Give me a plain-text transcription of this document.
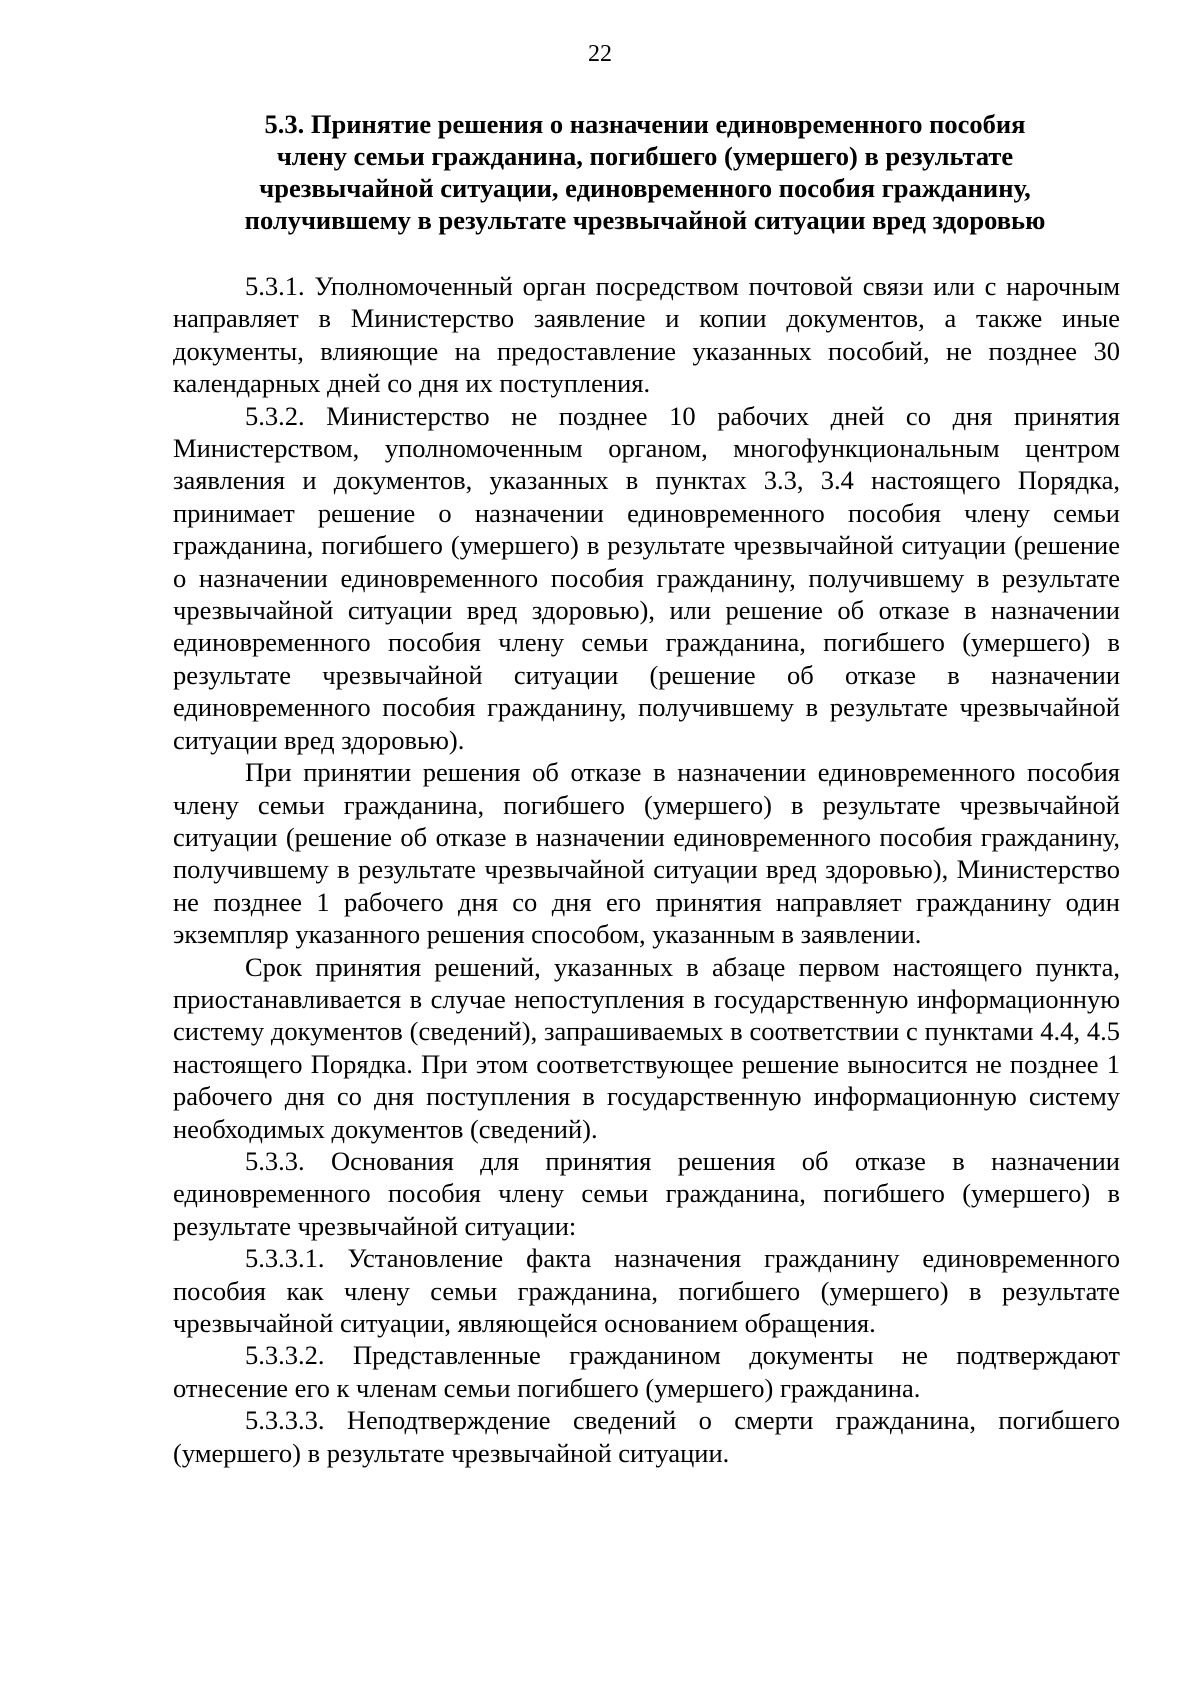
22
5.3. Принятие решения о назначении единовременного пособия
члену семьи гражданина, погибшего (умершего) в результате
чрезвычайной ситуации, единовременного пособия гражданину,
получившему в результате чрезвычайной ситуации вред здоровью

5.3.1. Уполномоченный орган посредством почтовой связи или с нарочным направляет в Министерство заявление и копии документов, а также иные документы, влияющие на предоставление указанных пособий, не позднее 30 календарных дней со дня их поступления.

5.3.2. Министерство не позднее 10 рабочих дней со дня принятия Министерством, уполномоченным органом, многофункциональным центром заявления и документов, указанных в пунктах 3.3, 3.4 настоящего Порядка, принимает решение о назначении единовременного пособия члену семьи гражданина, погибшего (умершего) в результате чрезвычайной ситуации (решение о назначении единовременного пособия гражданину, получившему в результате чрезвычайной ситуации вред здоровью), или решение об отказе в назначении единовременного пособия члену семьи гражданина, погибшего (умершего) в результате чрезвычайной ситуации (решение об отказе в назначении единовременного пособия гражданину, получившему в результате чрезвычайной ситуации вред здоровью).

При принятии решения об отказе в назначении единовременного пособия члену семьи гражданина, погибшего (умершего) в результате чрезвычайной ситуации (решение об отказе в назначении единовременного пособия гражданину, получившему в результате чрезвычайной ситуации вред здоровью), Министерство не позднее 1 рабочего дня со дня его принятия направляет гражданину один экземпляр указанного решения способом, указанным в заявлении.

Срок принятия решений, указанных в абзаце первом настоящего пункта, приостанавливается в случае непоступления в государственную информационную систему документов (сведений), запрашиваемых в соответствии с пунктами 4.4, 4.5 настоящего Порядка. При этом соответствующее решение выносится не позднее 1 рабочего дня со дня поступления в государственную информационную систему необходимых документов (сведений).

5.3.3. Основания для принятия решения об отказе в назначении единовременного пособия члену семьи гражданина, погибшего (умершего) в результате чрезвычайной ситуации:

5.3.3.1. Установление факта назначения гражданину единовременного пособия как члену семьи гражданина, погибшего (умершего) в результате чрезвычайной ситуации, являющейся основанием обращения.

5.3.3.2. Представленные гражданином документы не подтверждают отнесение его к членам семьи погибшего (умершего) гражданина.

5.3.3.3. Неподтверждение сведений о смерти гражданина, погибшего (умершего) в результате чрезвычайной ситуации.
